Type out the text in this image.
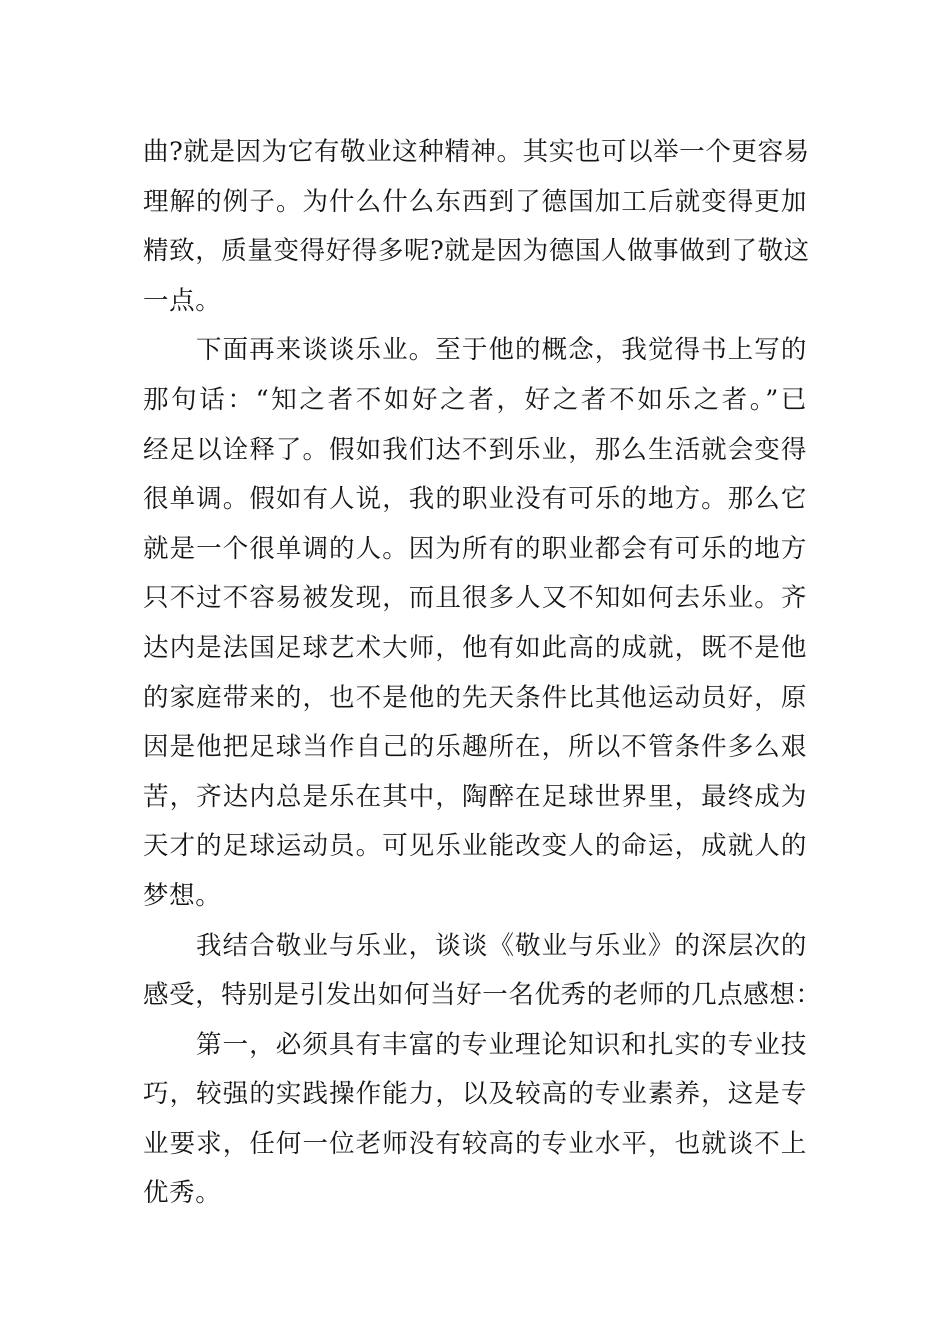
曲?就是因为它有敬业这种精神。其实也可以举一个更容易
理解的例子。为什么什么东西到了德国加工后就变得更加
精致，质量变得好得多呢?就是因为德国人做事做到了敬这
一点。
下面再来谈谈乐业。至于他的概念，我觉得书上写的
那句话：“知之者不如好之者，好之者不如乐之者。”已
经足以诠释了。假如我们达不到乐业，那么生活就会变得
很单调。假如有人说，我的职业没有可乐的地方。那么它
就是一个很单调的人。因为所有的职业都会有可乐的地方
只不过不容易被发现，而且很多人又不知如何去乐业。齐
达内是法国足球艺术大师，他有如此高的成就，既不是他
的家庭带来的，也不是他的先天条件比其他运动员好，原
因是他把足球当作自己的乐趣所在，所以不管条件多么艰
苦，齐达内总是乐在其中，陶醉在足球世界里，最终成为
天才的足球运动员。可见乐业能改变人的命运，成就人的
梦想。
我结合敬业与乐业，谈谈《敬业与乐业》的深层次的
感受，特别是引发出如何当好一名优秀的老师的几点感想：
第一，必须具有丰富的专业理论知识和扎实的专业技
巧，较强的实践操作能力，以及较高的专业素养，这是专
业要求，任何一位老师没有较高的专业水平，也就谈不上
优秀。
